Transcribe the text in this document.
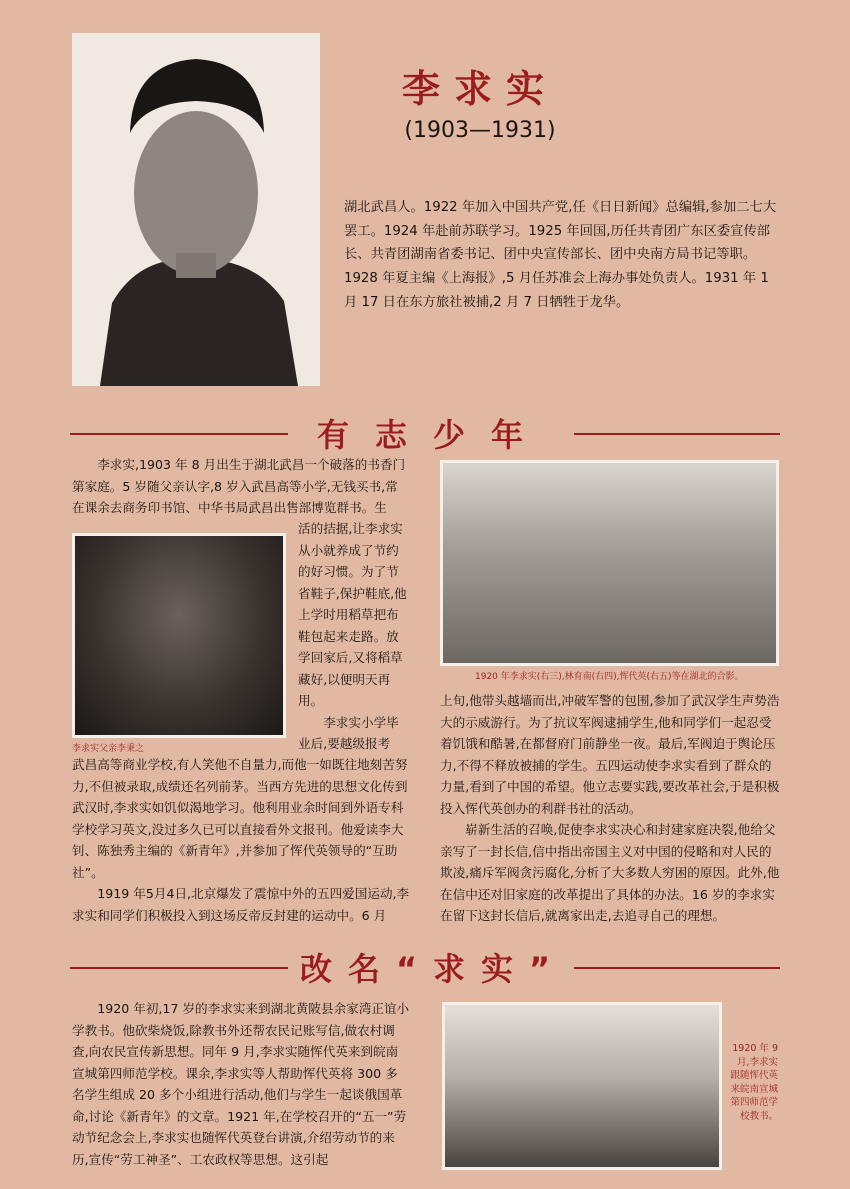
李求实
(1903—1931)

湖北武昌人。1922 年加入中国共产党,任《日日新闻》总编辑,参加二七大罢工。1924 年赴前苏联学习。1925 年回国,历任共青团广东区委宣传部长、共青团湖南省委书记、团中央宣传部长、团中央南方局书记等职。1928 年夏主编《上海报》,5 月任苏准会上海办事处负责人。1931 年 1 月 17 日在东方旅社被捕,2 月 7 日牺牲于龙华。

有志少年

李求实,1903 年 8 月出生于湖北武昌一个破落的书香门第家庭。5 岁随父亲认字,8 岁入武昌高等小学,无钱买书,常在课余去商务印书馆、中华书局武昌出售部博览群书。生

李求实父亲李秉之

活的拮据,让李求实从小就养成了节约的好习惯。为了节省鞋子,保护鞋底,他上学时用稻草把布鞋包起来走路。放学回家后,又将稻草藏好,以便明天再用。

李求实小学毕业后,要越级报考

武昌高等商业学校,有人笑他不自量力,而他一如既往地刻苦努力,不但被录取,成绩还名列前茅。当西方先进的思想文化传到武汉时,李求实如饥似渴地学习。他利用业余时间到外语专科学校学习英文,没过多久已可以直接看外文报刊。他爱读李大钊、陈独秀主编的《新青年》,并参加了恽代英领导的“互助社”。

1919 年5月4日,北京爆发了震惊中外的五四爱国运动,李求实和同学们积极投入到这场反帝反封建的运动中。6 月

1920 年李求实(右三),林育南(右四),恽代英(右五)等在湖北的合影。

上旬,他带头越墙而出,冲破军警的包围,参加了武汉学生声势浩大的示威游行。为了抗议军阀逮捕学生,他和同学们一起忍受着饥饿和酷暑,在都督府门前静坐一夜。最后,军阀迫于舆论压力,不得不释放被捕的学生。五四运动使李求实看到了群众的力量,看到了中国的希望。他立志要实践,要改革社会,于是积极投入恽代英创办的利群书社的活动。

崭新生活的召唤,促使李求实决心和封建家庭决裂,他给父亲写了一封长信,信中指出帝国主义对中国的侵略和对人民的欺凌,痛斥军阀贪污腐化,分析了大多数人穷困的原因。此外,他在信中还对旧家庭的改革提出了具体的办法。16 岁的李求实在留下这封长信后,就离家出走,去追寻自己的理想。

改名“求实”

1920 年初,17 岁的李求实来到湖北黄陂县余家湾正谊小学教书。他砍柴烧饭,除教书外还帮农民记账写信,做农村调查,向农民宣传新思想。同年 9 月,李求实随恽代英来到皖南宣城第四师范学校。课余,李求实等人帮助恽代英将 300 多名学生组成 20 多个小组进行活动,他们与学生一起谈俄国革命,讨论《新青年》的文章。1921 年,在学校召开的“五一”劳动节纪念会上,李求实也随恽代英登台讲演,介绍劳动节的来历,宣传“劳工神圣”、工农政权等思想。这引起

1920 年 9 月,李求实跟随恽代英来皖南宣城第四师范学校教书。
